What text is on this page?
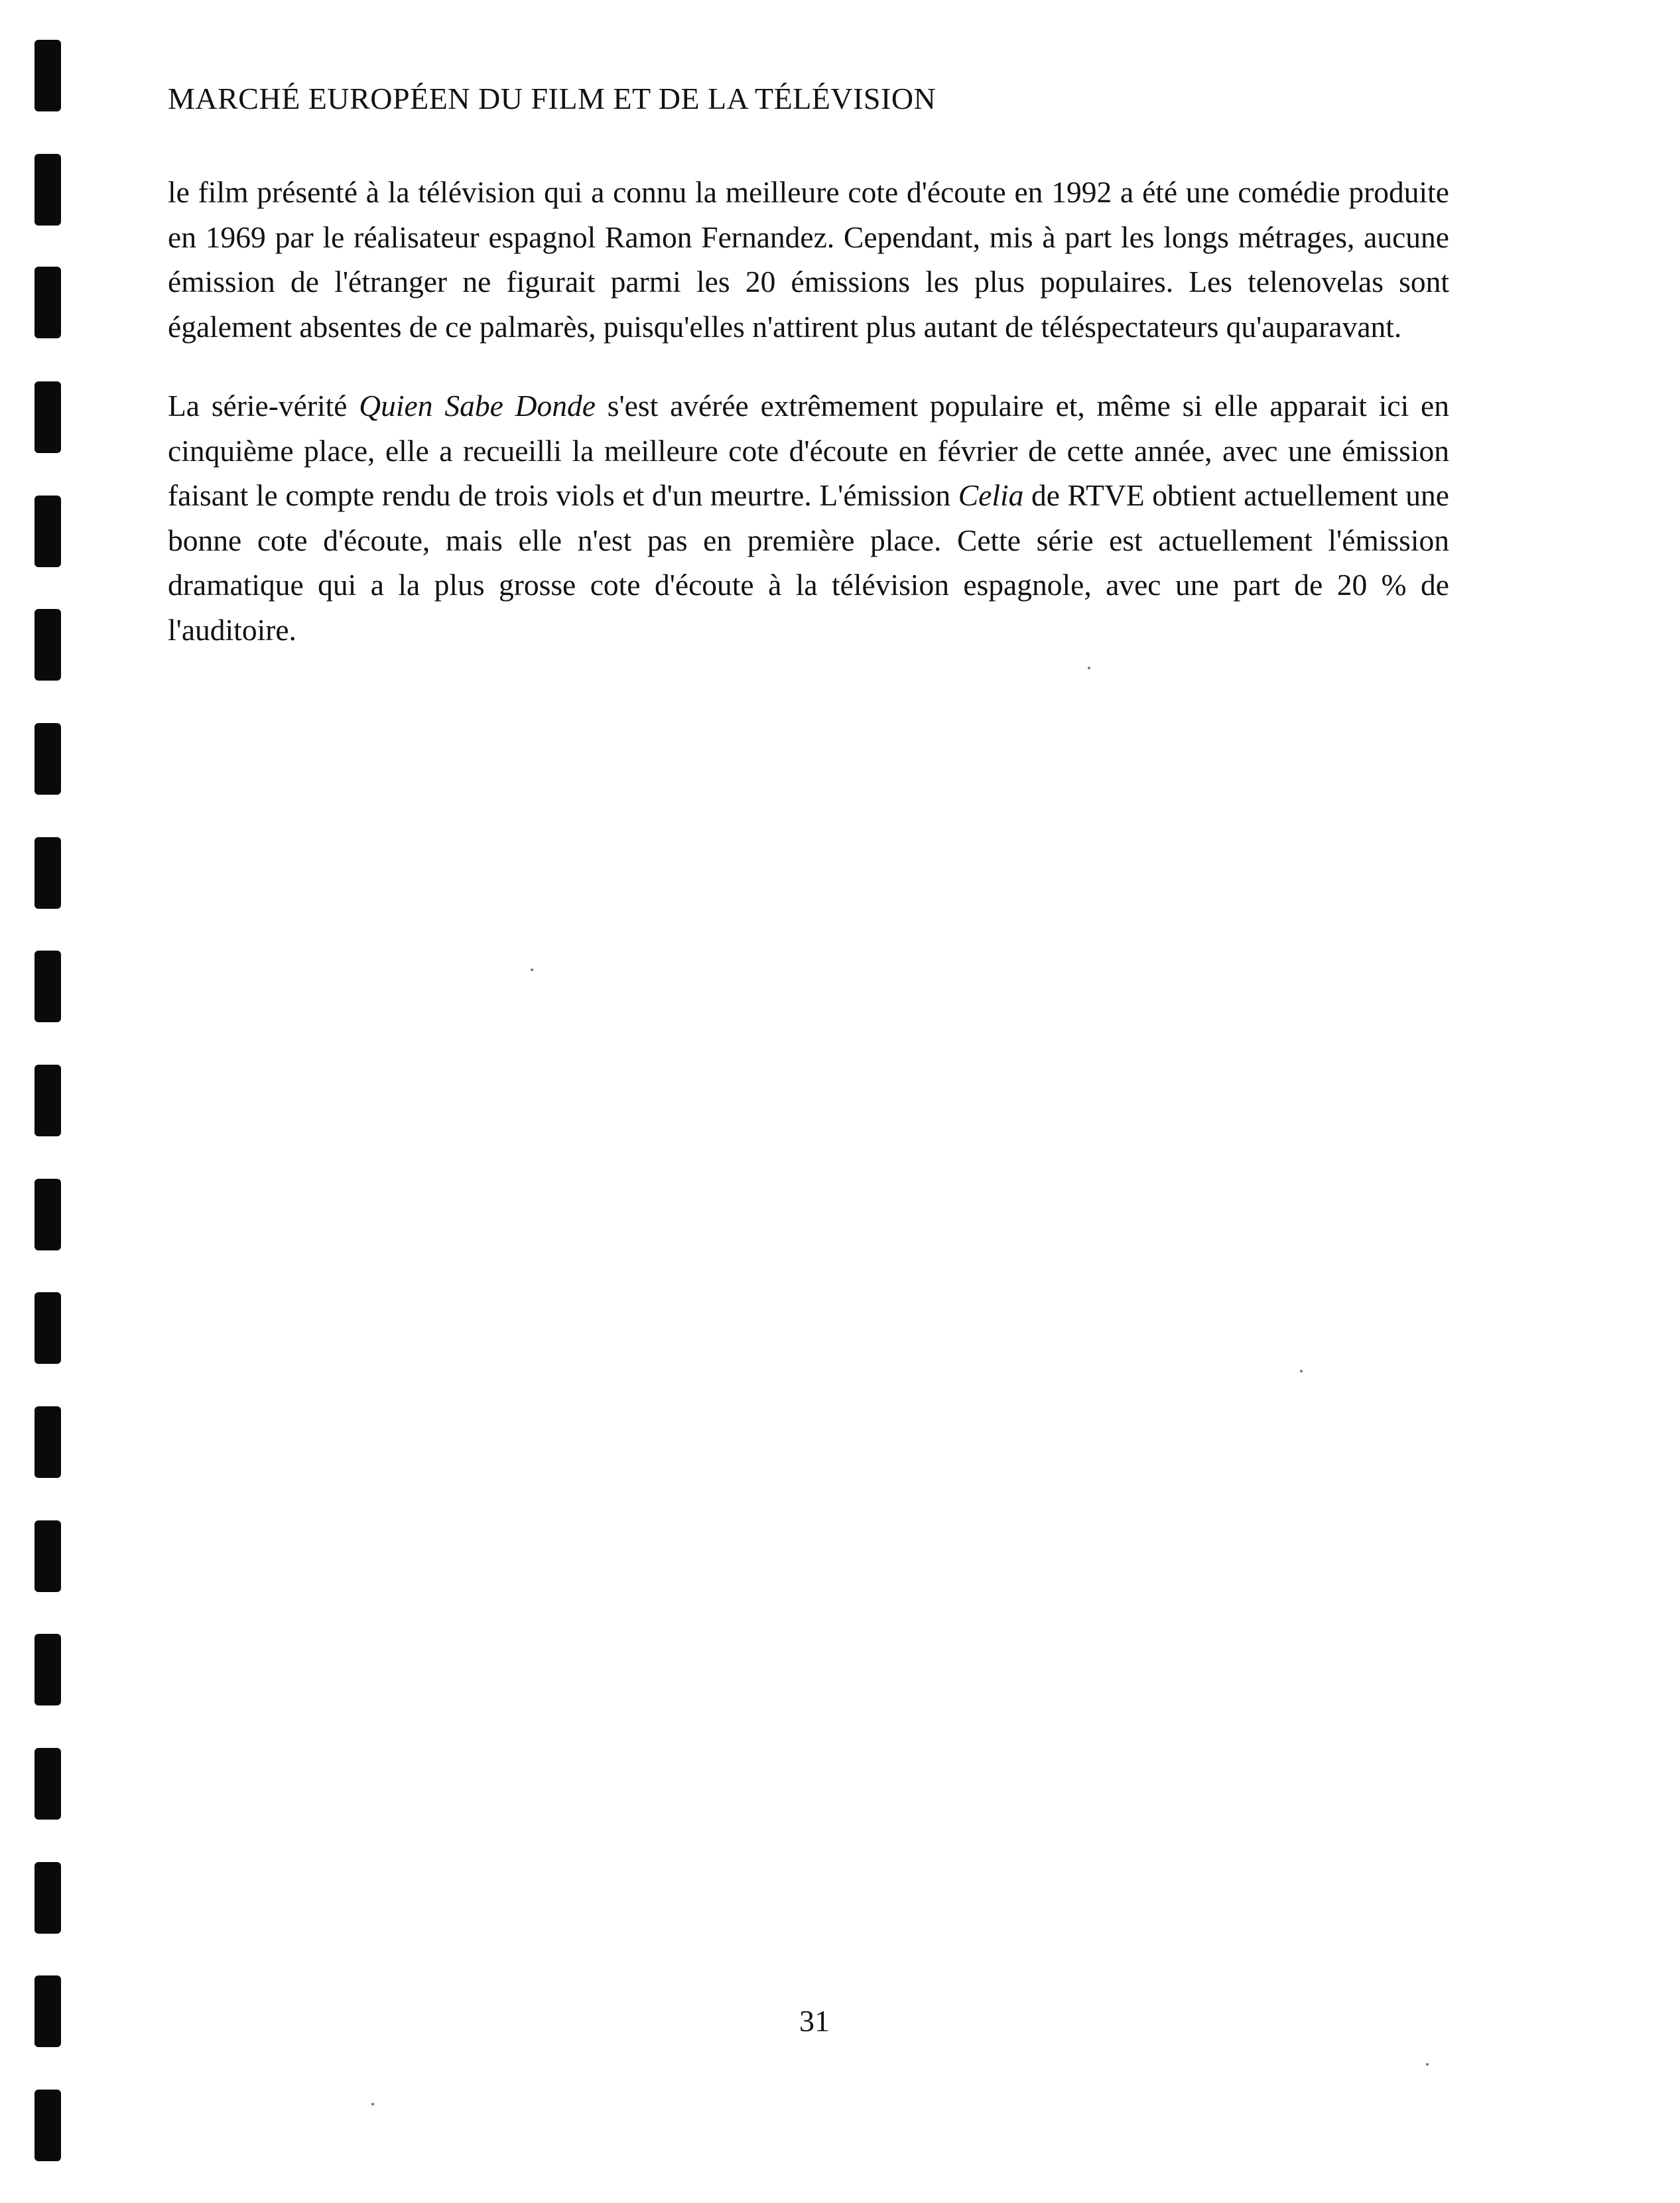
MARCHÉ EUROPÉEN DU FILM ET DE LA TÉLÉVISION

le film présenté à la télévision qui a connu la meilleure cote d'écoute en 1992 a été une comédie produite en 1969 par le réalisateur espagnol Ramon Fernandez. Cependant, mis à part les longs métrages, aucune émission de l'étranger ne figurait parmi les 20 émissions les plus populaires. Les telenovelas sont également absentes de ce palmarès, puisqu'elles n'attirent plus autant de téléspectateurs qu'auparavant.

La série-vérité Quien Sabe Donde s'est avérée extrêmement populaire et, même si elle apparait ici en cinquième place, elle a recueilli la meilleure cote d'écoute en février de cette année, avec une émission faisant le compte rendu de trois viols et d'un meurtre. L'émission Celia de RTVE obtient actuellement une bonne cote d'écoute, mais elle n'est pas en première place. Cette série est actuellement l'émission dramatique qui a la plus grosse cote d'écoute à la télévision espagnole, avec une part de 20 % de l'auditoire.

31
